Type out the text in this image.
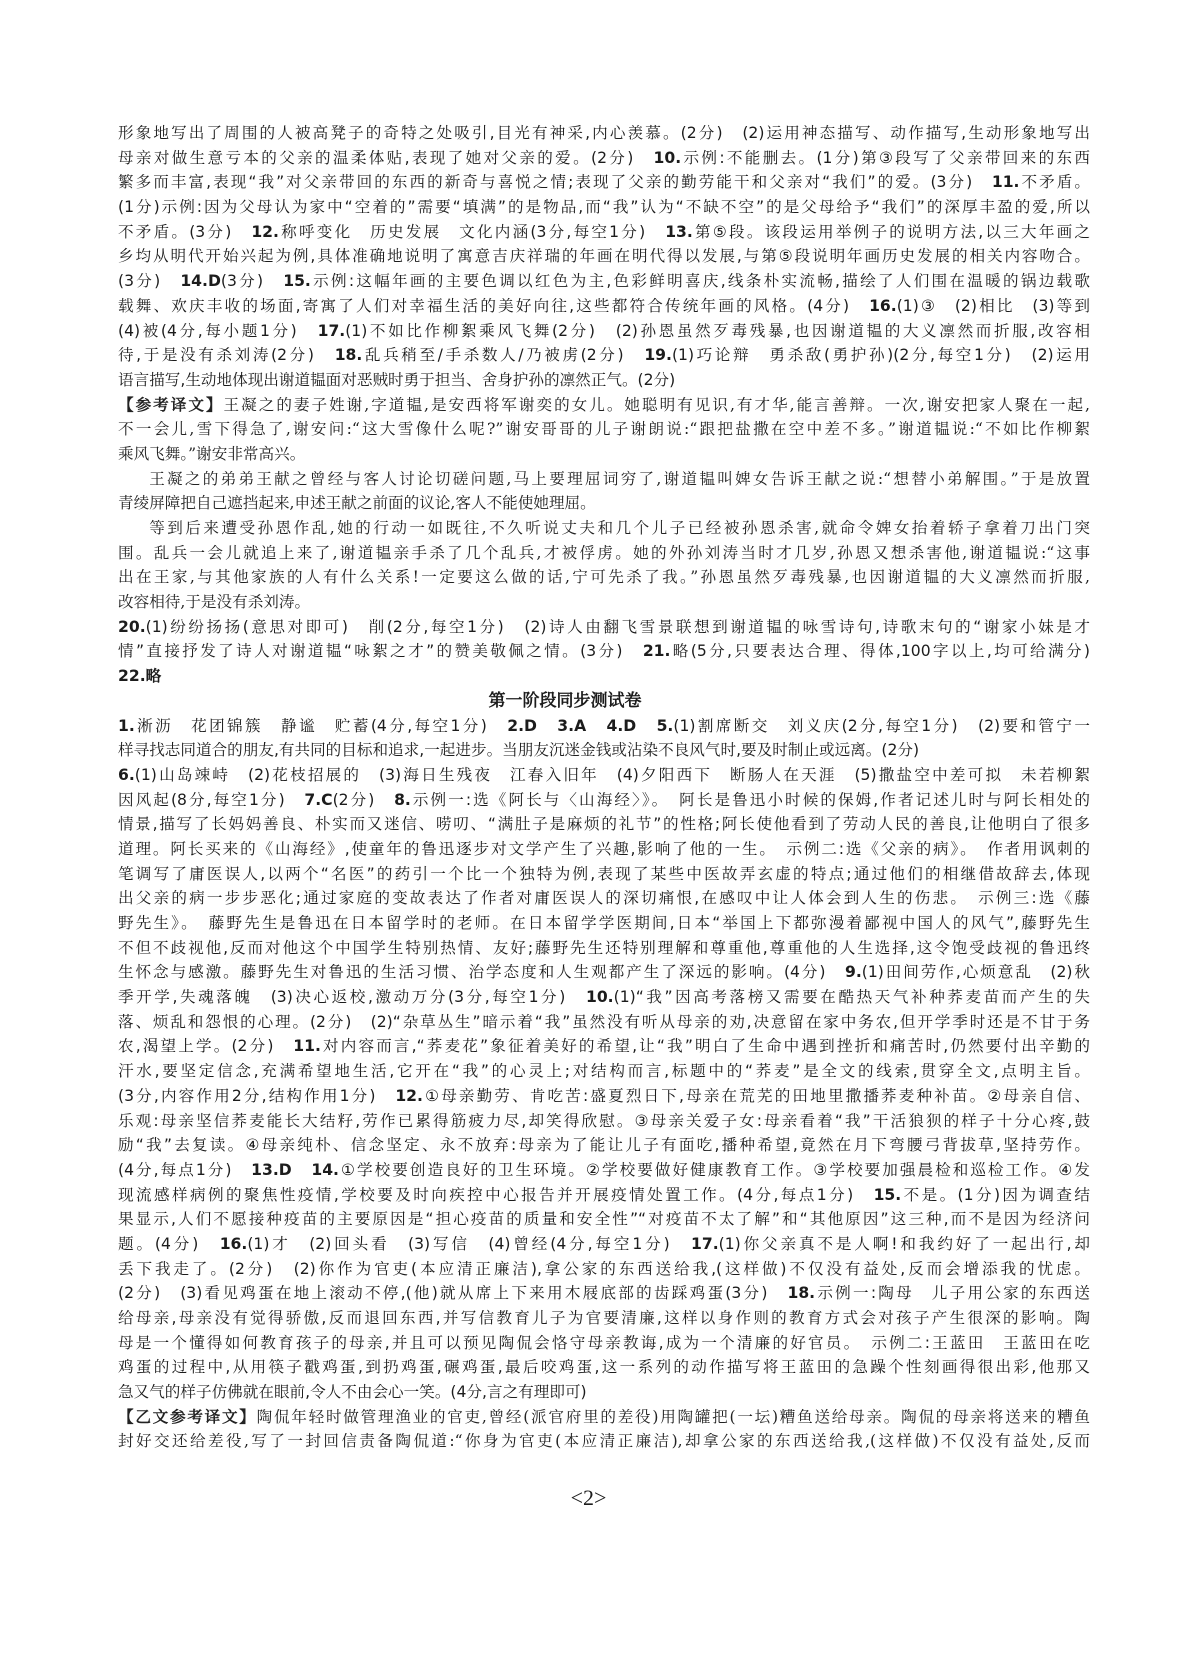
形象地写出了周围的人被高凳子的奇特之处吸引,目光有神采,内心羡慕。(2分)　(2)运用神态描写、动作描写,生动形象地写出
母亲对做生意亏本的父亲的温柔体贴,表现了她对父亲的爱。(2分)　10.示例:不能删去。(1分)第③段写了父亲带回来的东西
繁多而丰富,表现“我”对父亲带回的东西的新奇与喜悦之情;表现了父亲的勤劳能干和父亲对“我们”的爱。(3分)　11.不矛盾。
(1分)示例:因为父母认为家中“空着的”需要“填满”的是物品,而“我”认为“不缺不空”的是父母给予“我们”的深厚丰盈的爱,所以
不矛盾。(3分)　12.称呼变化　历史发展　文化内涵(3分,每空1分)　13.第⑤段。该段运用举例子的说明方法,以三大年画之
乡均从明代开始兴起为例,具体准确地说明了寓意吉庆祥瑞的年画在明代得以发展,与第⑤段说明年画历史发展的相关内容吻合。
(3分)　14.D(3分)　15.示例:这幅年画的主要色调以红色为主,色彩鲜明喜庆,线条朴实流畅,描绘了人们围在温暖的锅边载歌
载舞、欢庆丰收的场面,寄寓了人们对幸福生活的美好向往,这些都符合传统年画的风格。(4分)　16.(1)③　(2)相比　(3)等到
(4)被(4分,每小题1分)　17.(1)不如比作柳絮乘风飞舞(2分)　(2)孙恩虽然歹毒残暴,也因谢道韫的大义凛然而折服,改容相
待,于是没有杀刘涛(2分)　18.乱兵稍至/手杀数人/乃被虏(2分)　19.(1)巧论辩　勇杀敌(勇护孙)(2分,每空1分)　(2)运用
语言描写,生动地体现出谢道韫面对恶贼时勇于担当、舍身护孙的凛然正气。(2分)
【参考译文】王凝之的妻子姓谢,字道韫,是安西将军谢奕的女儿。她聪明有见识,有才华,能言善辩。一次,谢安把家人聚在一起,
不一会儿,雪下得急了,谢安问:“这大雪像什么呢?”谢安哥哥的儿子谢朗说:“跟把盐撒在空中差不多。”谢道韫说:“不如比作柳絮
乘风飞舞。”谢安非常高兴。
王凝之的弟弟王献之曾经与客人讨论切磋问题,马上要理屈词穷了,谢道韫叫婢女告诉王献之说:“想替小弟解围。”于是放置
青绫屏障把自己遮挡起来,申述王献之前面的议论,客人不能使她理屈。
等到后来遭受孙恩作乱,她的行动一如既往,不久听说丈夫和几个儿子已经被孙恩杀害,就命令婢女抬着轿子拿着刀出门突
围。乱兵一会儿就追上来了,谢道韫亲手杀了几个乱兵,才被俘虏。她的外孙刘涛当时才几岁,孙恩又想杀害他,谢道韫说:“这事
出在王家,与其他家族的人有什么关系!一定要这么做的话,宁可先杀了我。”孙恩虽然歹毒残暴,也因谢道韫的大义凛然而折服,
改容相待,于是没有杀刘涛。
20.(1)纷纷扬扬(意思对即可)　削(2分,每空1分)　(2)诗人由翻飞雪景联想到谢道韫的咏雪诗句,诗歌末句的“谢家小妹是才
情”直接抒发了诗人对谢道韫“咏絮之才”的赞美敬佩之情。(3分)　21.略(5分,只要表达合理、得体,100字以上,均可给满分)
22.略
第一阶段同步测试卷
1.淅沥　花团锦簇　静谧　贮蓄(4分,每空1分)　2.D　 3.A　 4.D　 5.(1)割席断交　刘义庆(2分,每空1分)　(2)要和管宁一
样寻找志同道合的朋友,有共同的目标和追求,一起进步。当朋友沉迷金钱或沾染不良风气时,要及时制止或远离。(2分)
6.(1)山岛竦峙　(2)花枝招展的　(3)海日生残夜　江春入旧年　(4)夕阳西下　断肠人在天涯　(5)撒盐空中差可拟　未若柳絮
因风起(8分,每空1分)　7.C(2分)　8.示例一:选《阿长与〈山海经〉》。　阿长是鲁迅小时候的保姆,作者记述儿时与阿长相处的
情景,描写了长妈妈善良、朴实而又迷信、唠叨、“满肚子是麻烦的礼节”的性格;阿长使他看到了劳动人民的善良,让他明白了很多
道理。阿长买来的《山海经》,使童年的鲁迅逐步对文学产生了兴趣,影响了他的一生。　示例二:选《父亲的病》。　作者用讽刺的
笔调写了庸医误人,以两个“名医”的药引一个比一个独特为例,表现了某些中医故弄玄虚的特点;通过他们的相继借故辞去,体现
出父亲的病一步步恶化;通过家庭的变故表达了作者对庸医误人的深切痛恨,在感叹中让人体会到人生的伤悲。　示例三:选《藤
野先生》。　藤野先生是鲁迅在日本留学时的老师。在日本留学学医期间,日本“举国上下都弥漫着鄙视中国人的风气”,藤野先生
不但不歧视他,反而对他这个中国学生特别热情、友好;藤野先生还特别理解和尊重他,尊重他的人生选择,这令饱受歧视的鲁迅终
生怀念与感激。藤野先生对鲁迅的生活习惯、治学态度和人生观都产生了深远的影响。(4分)　9.(1)田间劳作,心烦意乱　(2)秋
季开学,失魂落魄　(3)决心返校,激动万分(3分,每空1分)　10.(1)“我”因高考落榜又需要在酷热天气补种荞麦苗而产生的失
落、烦乱和怨恨的心理。(2分)　(2)“杂草丛生”暗示着“我”虽然没有听从母亲的劝,决意留在家中务农,但开学季时还是不甘于务
农,渴望上学。(2分)　11.对内容而言,“荞麦花”象征着美好的希望,让“我”明白了生命中遇到挫折和痛苦时,仍然要付出辛勤的
汗水,要坚定信念,充满希望地生活,它开在“我”的心灵上;对结构而言,标题中的“荞麦”是全文的线索,贯穿全文,点明主旨。
(3分,内容作用2分,结构作用1分)　12.①母亲勤劳、肯吃苦:盛夏烈日下,母亲在荒芜的田地里撒播荞麦种补苗。②母亲自信、
乐观:母亲坚信荞麦能长大结籽,劳作已累得筋疲力尽,却笑得欣慰。③母亲关爱子女:母亲看着“我”干活狼狈的样子十分心疼,鼓
励“我”去复读。④母亲纯朴、信念坚定、永不放弃:母亲为了能让儿子有面吃,播种希望,竟然在月下弯腰弓背拔草,坚持劳作。
(4分,每点1分)　13.D　 14.①学校要创造良好的卫生环境。②学校要做好健康教育工作。③学校要加强晨检和巡检工作。④发
现流感样病例的聚焦性疫情,学校要及时向疾控中心报告并开展疫情处置工作。(4分,每点1分)　15.不是。(1分)因为调查结
果显示,人们不愿接种疫苗的主要原因是“担心疫苗的质量和安全性”“对疫苗不太了解”和“其他原因”这三种,而不是因为经济问
题。(4分)　16.(1)才　(2)回头看　(3)写信　(4)曾经(4分,每空1分)　17.(1)你父亲真不是人啊!和我约好了一起出行,却
丢下我走了。(2分)　(2)你作为官吏(本应清正廉洁),拿公家的东西送给我,(这样做)不仅没有益处,反而会增添我的忧虑。
(2分)　(3)看见鸡蛋在地上滚动不停,(他)就从席上下来用木屐底部的齿踩鸡蛋(3分)　18.示例一:陶母　儿子用公家的东西送
给母亲,母亲没有觉得骄傲,反而退回东西,并写信教育儿子为官要清廉,这样以身作则的教育方式会对孩子产生很深的影响。陶
母是一个懂得如何教育孩子的母亲,并且可以预见陶侃会恪守母亲教诲,成为一个清廉的好官员。　示例二:王蓝田　王蓝田在吃
鸡蛋的过程中,从用筷子戳鸡蛋,到扔鸡蛋,碾鸡蛋,最后咬鸡蛋,这一系列的动作描写将王蓝田的急躁个性刻画得很出彩,他那又
急又气的样子仿佛就在眼前,令人不由会心一笑。(4分,言之有理即可)
【乙文参考译文】陶侃年轻时做管理渔业的官吏,曾经(派官府里的差役)用陶罐把(一坛)糟鱼送给母亲。陶侃的母亲将送来的糟鱼
封好交还给差役,写了一封回信责备陶侃道:“你身为官吏(本应清正廉洁),却拿公家的东西送给我,(这样做)不仅没有益处,反而
<2>
